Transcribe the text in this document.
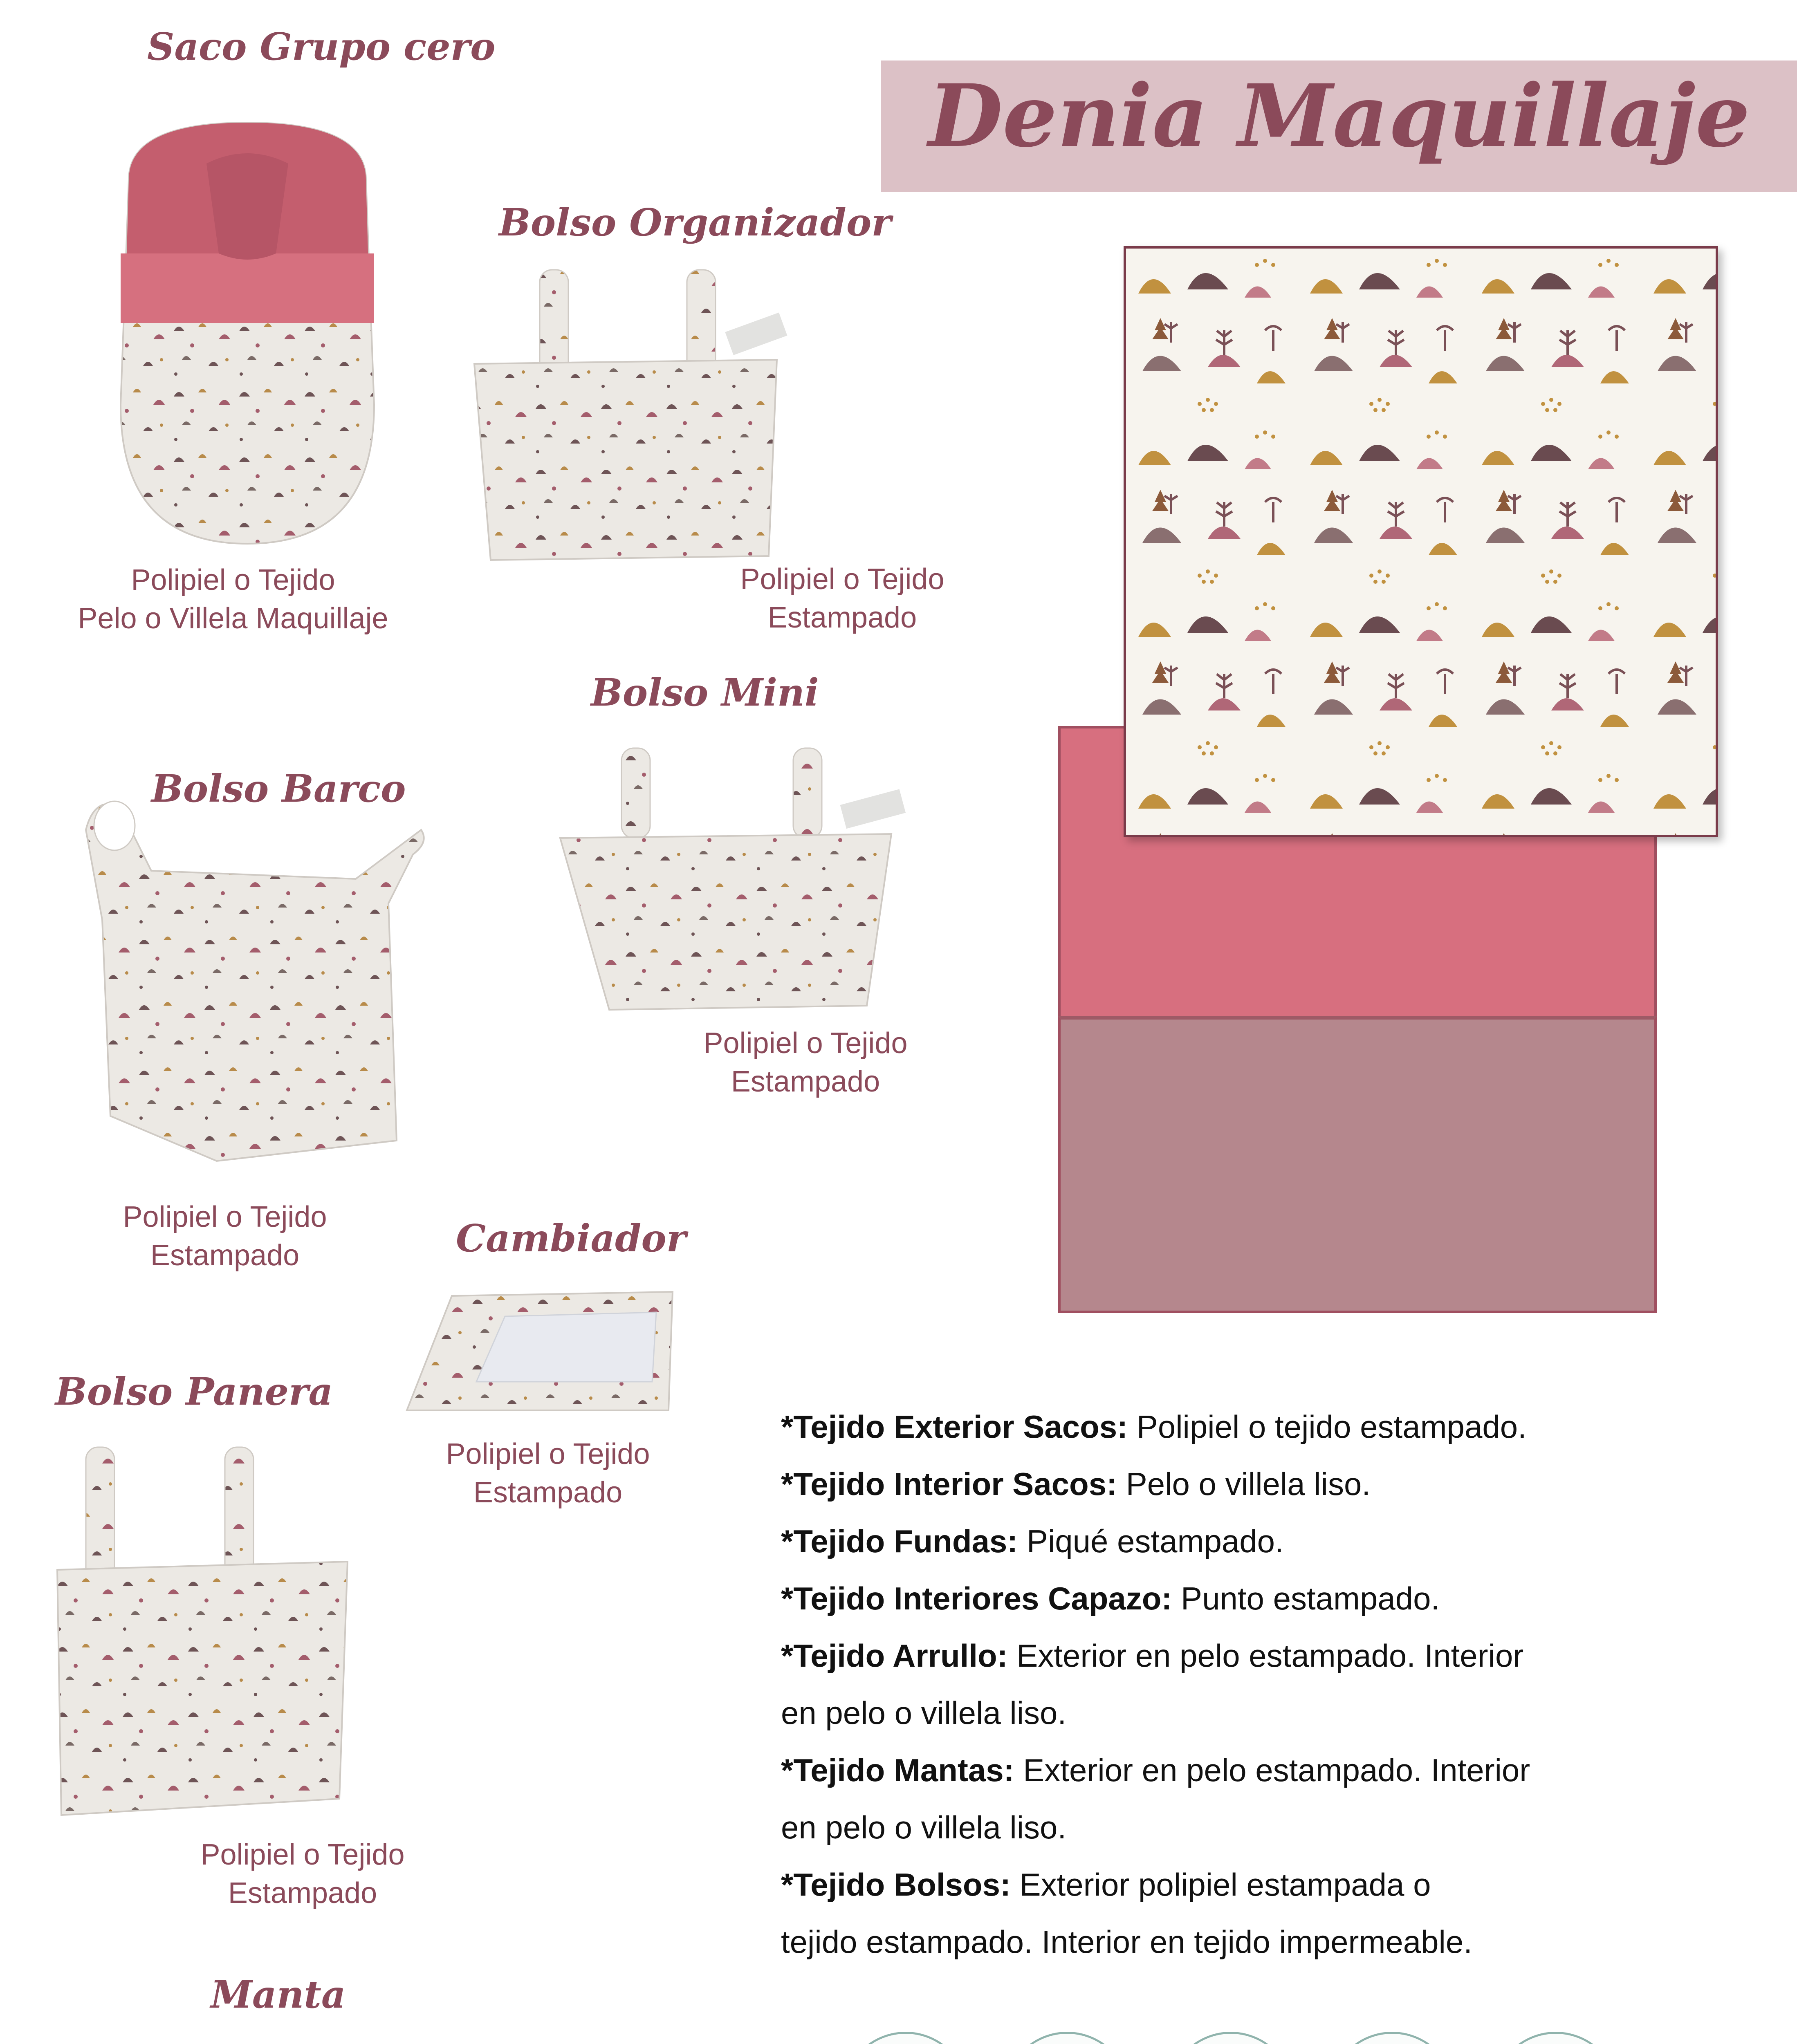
Denia Maquillaje
Saco Grupo cero
Polipiel o Tejido
Pelo o Villela Maquillaje
Bolso Organizador
Polipiel o Tejido
Estampado
Bolso Mini
Polipiel o Tejido
Estampado
Bolso Barco
Polipiel o Tejido
Estampado	Cambiador
Polipiel o Tejido
Estampado
Bolso Panera
Polipiel o Tejido
Estampado
Manta
*Tejido Exterior Sacos: Polipiel o tejido estampado.
*Tejido Interior Sacos: Pelo o villela liso.
*Tejido Fundas: Piqué estampado.
*Tejido Interiores Capazo: Punto estampado.
*Tejido Arrullo: Exterior en pelo estampado. Interior
en pelo o villela liso.
*Tejido Mantas: Exterior en pelo estampado. Interior
en pelo o villela liso.
*Tejido Bolsos: Exterior polipiel estampada o
tejido estampado. Interior en tejido impermeable.
